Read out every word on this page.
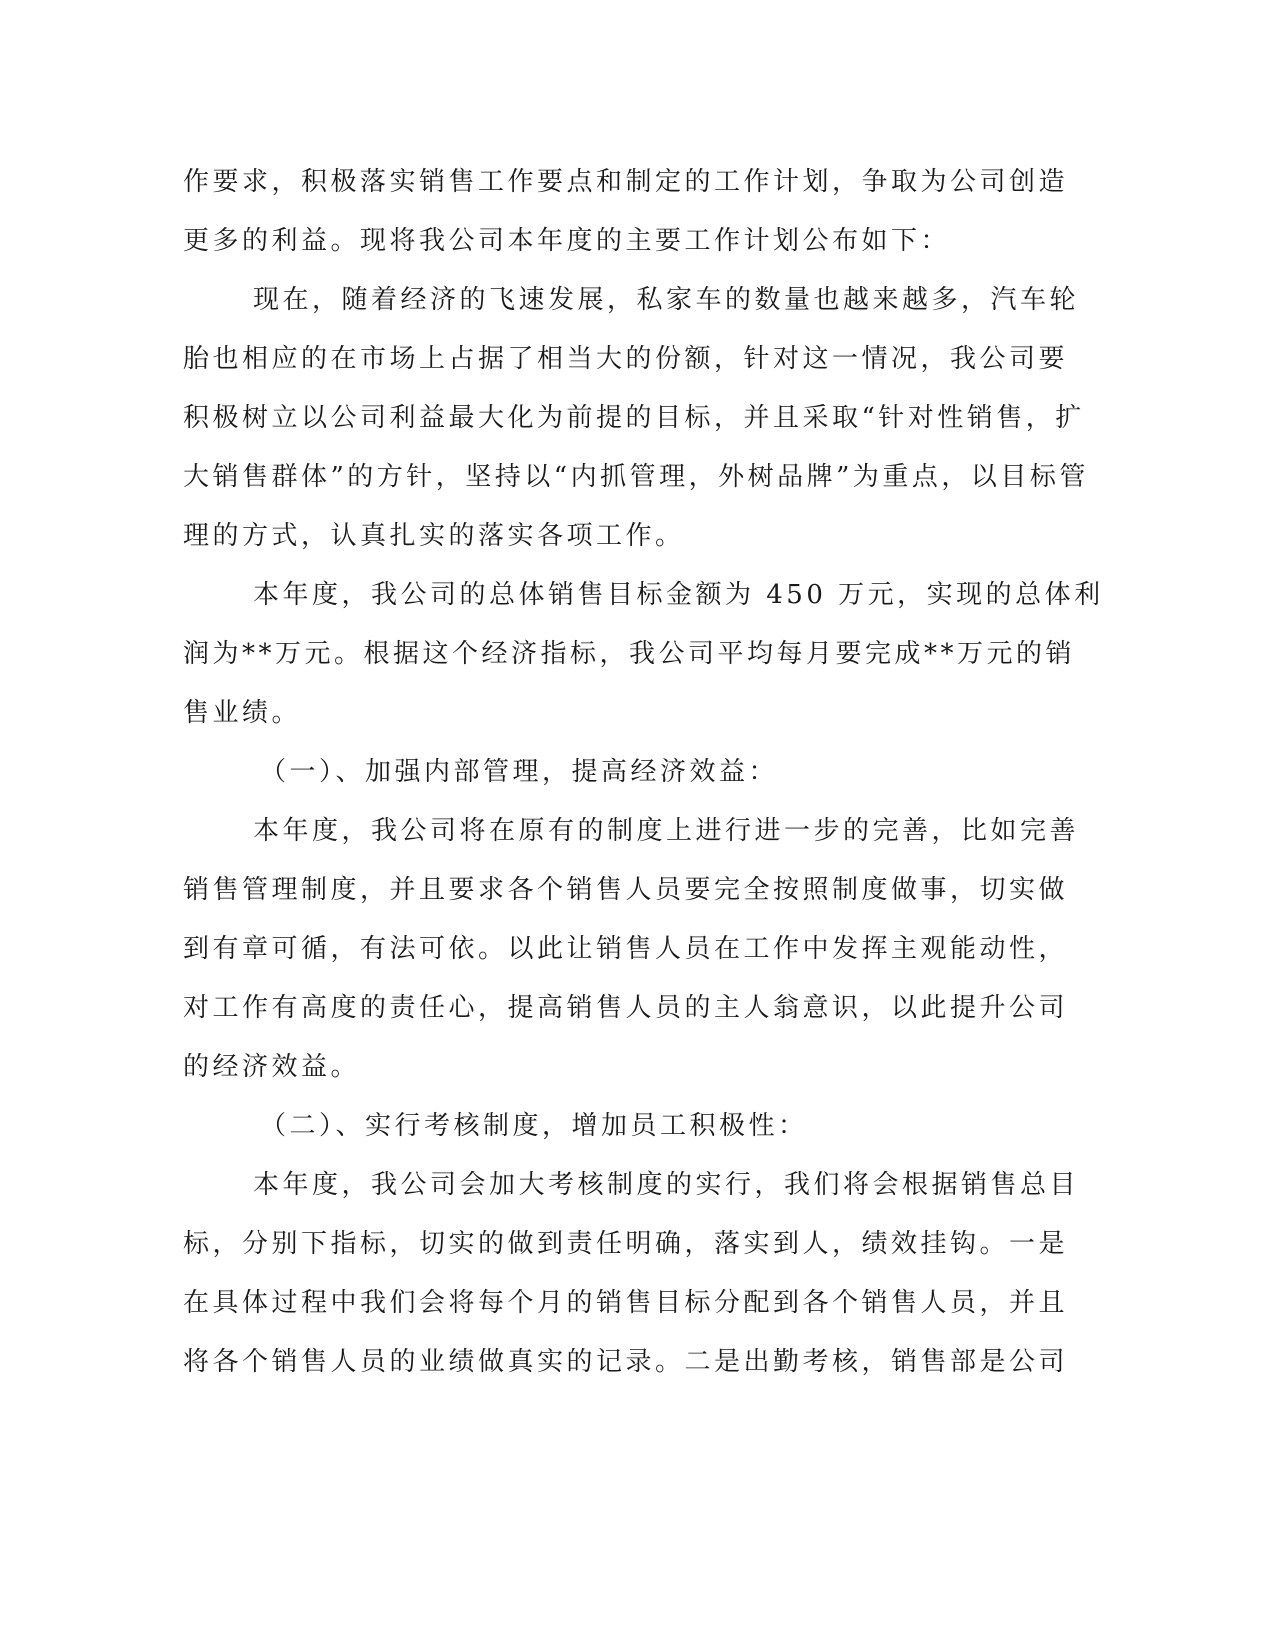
作要求，积极落实销售工作要点和制定的工作计划，争取为公司创造
更多的利益。现将我公司本年度的主要工作计划公布如下：
现在，随着经济的飞速发展，私家车的数量也越来越多，汽车轮
胎也相应的在市场上占据了相当大的份额，针对这一情况，我公司要
积极树立以公司利益最大化为前提的目标，并且采取“针对性销售，扩
大销售群体”的方针，坚持以“内抓管理，外树品牌”为重点，以目标管
理的方式，认真扎实的落实各项工作。
本年度，我公司的总体销售目标金额为 450 万元，实现的总体利
润为**万元。根据这个经济指标，我公司平均每月要完成**万元的销
售业绩。
（一）、加强内部管理，提高经济效益：
本年度，我公司将在原有的制度上进行进一步的完善，比如完善
销售管理制度，并且要求各个销售人员要完全按照制度做事，切实做
到有章可循，有法可依。以此让销售人员在工作中发挥主观能动性，
对工作有高度的责任心，提高销售人员的主人翁意识，以此提升公司
的经济效益。
（二）、实行考核制度，增加员工积极性：
本年度，我公司会加大考核制度的实行，我们将会根据销售总目
标，分别下指标，切实的做到责任明确，落实到人，绩效挂钩。一是
在具体过程中我们会将每个月的销售目标分配到各个销售人员，并且
将各个销售人员的业绩做真实的记录。二是出勤考核，销售部是公司
